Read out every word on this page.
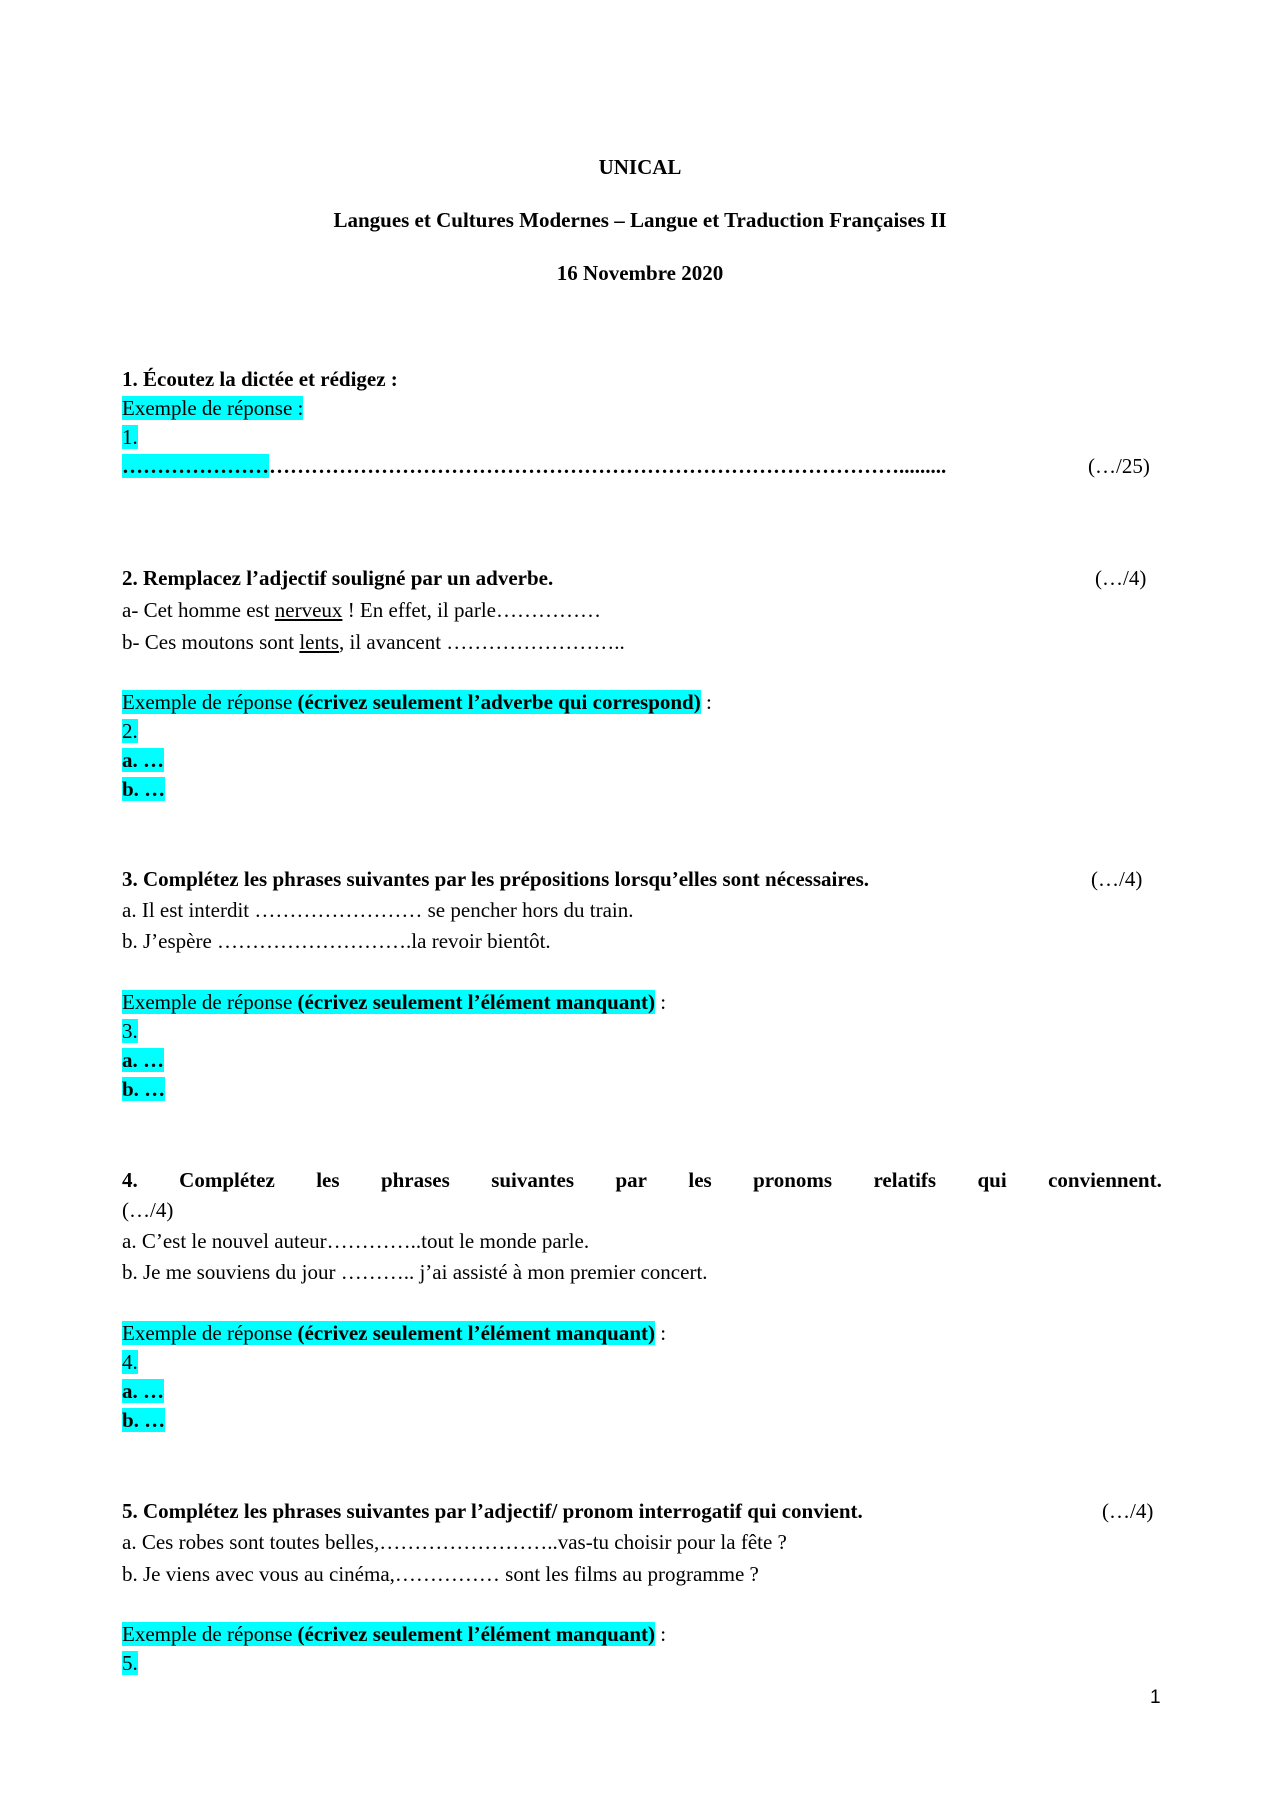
UNICAL
Langues et Cultures Modernes – Langue et Traduction Françaises II
16 Novembre 2020
1. Écoutez la dictée et rédigez :
Exemple de réponse :
1.
………………………………………………………………………………………………….........	(…/25)
2. Remplacez l’adjectif souligné par un adverbe.	(…/4)
a- Cet homme est nerveux ! En effet, il parle……………
b- Ces moutons sont lents, il avancent ……………………..
Exemple de réponse (écrivez seulement l’adverbe qui correspond) :
2.
a. …
b. …
3. Complétez les phrases suivantes par les prépositions lorsqu’elles sont nécessaires.	(…/4)
a. Il est interdit …………………… se pencher hors du train.
b. J’espère ……………………….la revoir bientôt.
Exemple de réponse (écrivez seulement l’élément manquant) :
3.
a. …
b. …
4. Complétez les phrases suivantes par les pronoms relatifs qui conviennent.
(…/4)
a. C’est le nouvel auteur…………..tout le monde parle.
b. Je me souviens du jour ……….. j’ai assisté à mon premier concert.
Exemple de réponse (écrivez seulement l’élément manquant) :
4.
a. …
b. …
5. Complétez les phrases suivantes par l’adjectif/ pronom interrogatif qui convient.	(…/4)
a. Ces robes sont toutes belles,……………………..vas-tu choisir pour la fête ?
b. Je viens avec vous au cinéma,…………… sont les films au programme ?
Exemple de réponse (écrivez seulement l’élément manquant) :
5.
1
